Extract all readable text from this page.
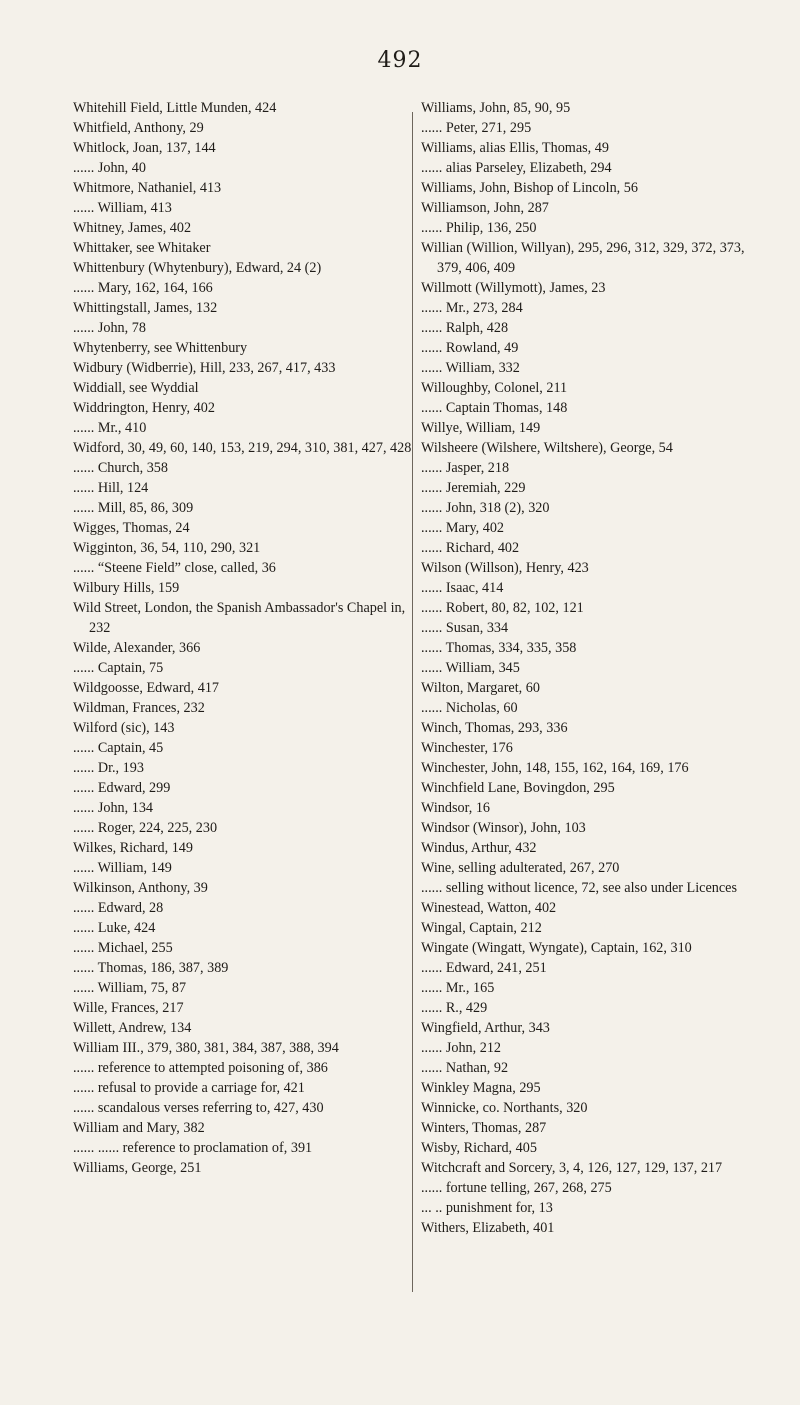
492

Whitehill Field, Little Munden, 424

Whitfield, Anthony, 29

Whitlock, Joan, 137, 144

...... John, 40

Whitmore, Nathaniel, 413

...... William, 413

Whitney, James, 402

Whittaker, see Whitaker

Whittenbury (Whytenbury), Edward, 24 (2)

...... Mary, 162, 164, 166

Whittingstall, James, 132

...... John, 78

Whytenberry, see Whittenbury

Widbury (Widberrie), Hill, 233, 267, 417, 433

Widdiall, see Wyddial

Widdrington, Henry, 402

...... Mr., 410

Widford, 30, 49, 60, 140, 153, 219, 294, 310, 381, 427, 428

...... Church, 358

...... Hill, 124

...... Mill, 85, 86, 309

Wigges, Thomas, 24

Wigginton, 36, 54, 110, 290, 321

...... “Steene Field” close, called, 36

Wilbury Hills, 159

Wild Street, London, the Spanish Ambassador's Chapel in, 232

Wilde, Alexander, 366

...... Captain, 75

Wildgoosse, Edward, 417

Wildman, Frances, 232

Wilford (sic), 143

...... Captain, 45

...... Dr., 193

...... Edward, 299

...... John, 134

...... Roger, 224, 225, 230

Wilkes, Richard, 149

...... William, 149

Wilkinson, Anthony, 39

...... Edward, 28

...... Luke, 424

...... Michael, 255

...... Thomas, 186, 387, 389

...... William, 75, 87

Wille, Frances, 217

Willett, Andrew, 134

William III., 379, 380, 381, 384, 387, 388, 394

...... reference to attempted poisoning of, 386

...... refusal to provide a carriage for, 421

...... scandalous verses referring to, 427, 430

William and Mary, 382

...... ...... reference to proclamation of, 391

Williams, George, 251

Williams, John, 85, 90, 95

...... Peter, 271, 295

Williams, alias Ellis, Thomas, 49

...... alias Parseley, Elizabeth, 294

Williams, John, Bishop of Lincoln, 56

Williamson, John, 287

...... Philip, 136, 250

Willian (Willion, Willyan), 295, 296, 312, 329, 372, 373, 379, 406, 409

Willmott (Willymott), James, 23

...... Mr., 273, 284

...... Ralph, 428

...... Rowland, 49

...... William, 332

Willoughby, Colonel, 211

...... Captain Thomas, 148

Willye, William, 149

Wilsheere (Wilshere, Wiltshere), George, 54

...... Jasper, 218

...... Jeremiah, 229

...... John, 318 (2), 320

...... Mary, 402

...... Richard, 402

Wilson (Willson), Henry, 423

...... Isaac, 414

...... Robert, 80, 82, 102, 121

...... Susan, 334

...... Thomas, 334, 335, 358

...... William, 345

Wilton, Margaret, 60

...... Nicholas, 60

Winch, Thomas, 293, 336

Winchester, 176

Winchester, John, 148, 155, 162, 164, 169, 176

Winchfield Lane, Bovingdon, 295

Windsor, 16

Windsor (Winsor), John, 103

Windus, Arthur, 432

Wine, selling adulterated, 267, 270

...... selling without licence, 72, see also under Licences

Winestead, Watton, 402

Wingal, Captain, 212

Wingate (Wingatt, Wyngate), Captain, 162, 310

...... Edward, 241, 251

...... Mr., 165

...... R., 429

Wingfield, Arthur, 343

...... John, 212

...... Nathan, 92

Winkley Magna, 295

Winnicke, co. Northants, 320

Winters, Thomas, 287

Wisby, Richard, 405

Witchcraft and Sorcery, 3, 4, 126, 127, 129, 137, 217

...... fortune telling, 267, 268, 275

... .. punishment for, 13

Withers, Elizabeth, 401
